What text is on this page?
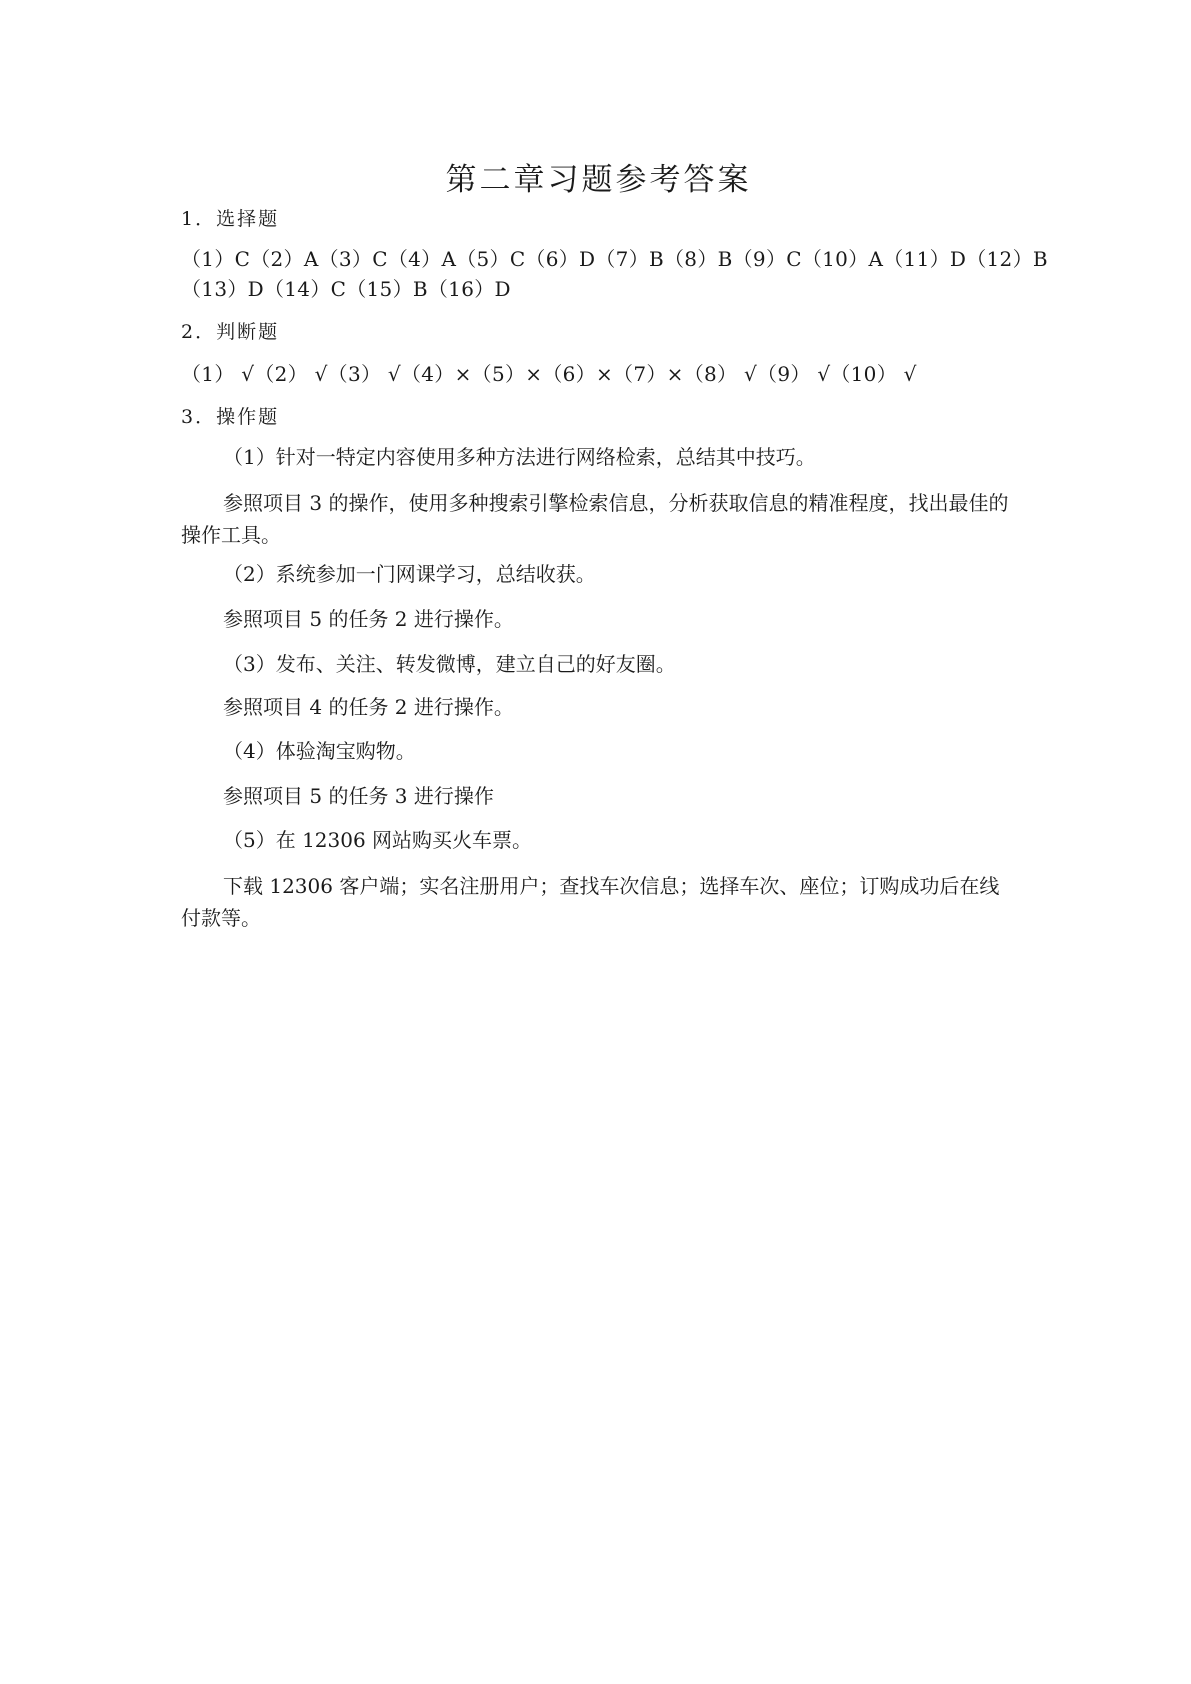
第二章习题参考答案
1．选择题
（1）C（2）A（3）C（4）A（5）C（6）D（7）B（8）B（9）C（10）A（11）D（12）B
（13）D（14）C（15）B（16）D
2．判断题
（1） √（2） √（3） √（4）×（5）×（6）×（7）×（8） √（9） √（10） √
3．操作题
（1）针对一特定内容使用多种方法进行网络检索，总结其中技巧。
参照项目 3 的操作，使用多种搜索引擎检索信息，分析获取信息的精准程度，找出最佳的操作工具。
（2）系统参加一门网课学习，总结收获。
参照项目 5 的任务 2 进行操作。
（3）发布、关注、转发微博，建立自己的好友圈。
参照项目 4 的任务 2 进行操作。
（4）体验淘宝购物。
参照项目 5 的任务 3 进行操作
（5）在 12306 网站购买火车票。
下载 12306 客户端；实名注册用户；查找车次信息；选择车次、座位；订购成功后在线付款等。
